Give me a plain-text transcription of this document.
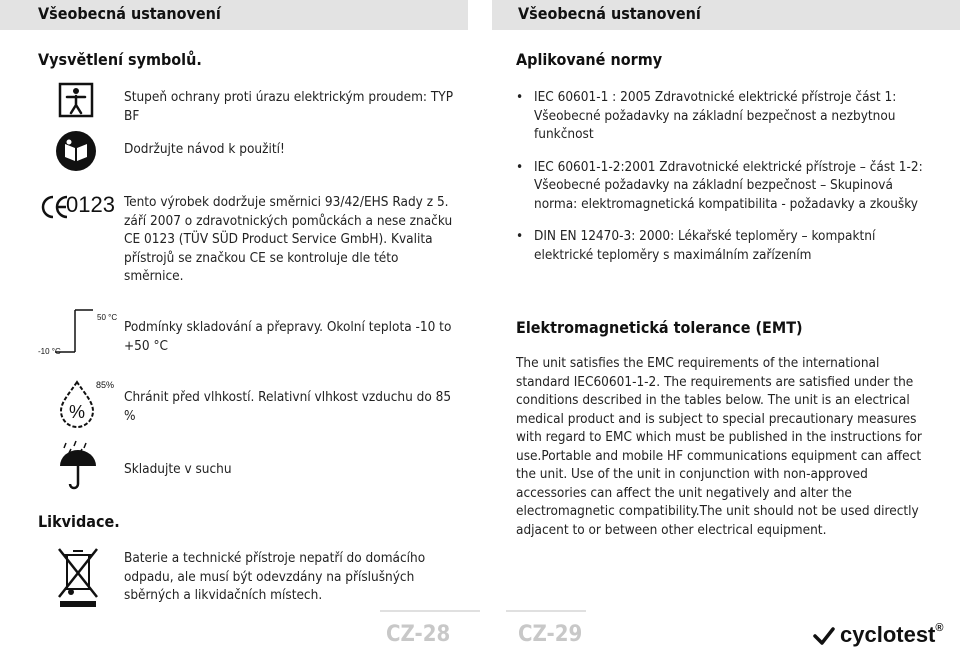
Všeobecná ustanovení	Všeobecná ustanovení
Vysvětlení symbolů.
Stupeň ochrany proti úrazu elektrickým proudem: TYP BF
Dodržujte návod k použití!
0123 Tento výrobek dodržuje směrnici 93/42/EHS Rady z 5. září 2007 o zdravotnických pomůckách a nese značku CE 0123 (TÜV SÜD Product Service GmbH). Kvalita přístrojů se značkou CE se kontroluje dle této směrnice.
50 °C
-10 °C
Podmínky skladování a přepravy. Okolní teplota -10 to +50 °C
%
85%
Chránit před vlhkostí. Relativní vlhkost vzduchu do 85 %
Skladujte v suchu
Likvidace.
Baterie a technické přístroje nepatří do domácího odpadu, ale musí být odevzdány na příslušných sběrných a likvidačních místech.
Aplikované normy
• IEC 60601-1 : 2005 Zdravotnické elektrické přístroje část 1: Všeobecné požadavky na základní bezpečnost a nezbytnou funkčnost
• IEC 60601-1-2:2001 Zdravotnické elektrické přístroje – část 1-2: Všeobecné požadavky na základní bezpečnost – Skupinová norma: elektromagnetická kompatibilita - požadavky a zkoušky
• DIN EN 12470-3: 2000: Lékařské teploměry – kompaktní elektrické teploměry s maximálním zařízením
Elektromagnetická tolerance (EMT)
The unit satisfies the EMC requirements of the international standard IEC60601-1-2. The requirements are satisfied under the conditions described in the tables below. The unit is an electrical medical product and is subject to special precautionary measures with regard to EMC which must be published in the instructions for use.Portable and mobile HF communications equipment can affect the unit. Use of the unit in conjunction with non-approved accessories can affect the unit negatively and alter the electromagnetic compatibility.The unit should not be used directly adjacent to or between other electrical equipment.
CZ-28	CZ-29	cyclotest®
